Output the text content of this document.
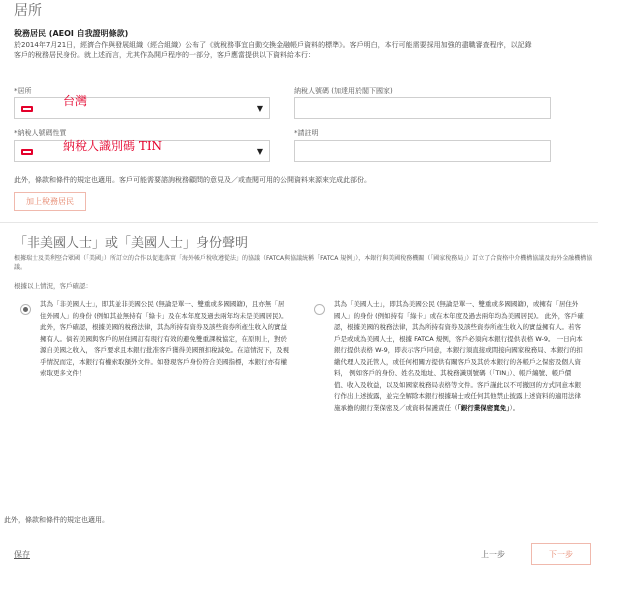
居所
稅務居民 (AEOI 自我證明條款)
於2014年7月21日，經濟合作與發展組織（經合組織）公布了《就稅務事宜自動交換金融帳戶資料的標準》。客戶明白，本行可能需要採用加強的盡職審查程序，以記錄客戶的稅務居民身份。就上述而言，尤其作為開戶程序的一部分，客戶應當提供以下資料給本行：
*居所
台灣
▼
納稅人號碼 (加達用於閣下國家)
*納稅人號碼性質
納稅人識別碼 TIN	▼
*請註明
此外，條款和條件的規定也適用。客戶可能需要諮詢稅務顧問的意見及／或查閱可用的公開資料來源來完成此部份。
加上稅務居民
「非美國人士」或「美國人士」身份聲明
根據瑞士及美利堅合眾國（「美國」）所訂立的合作以促進落實「海外帳戶稅收遵從法」的協議（FATCA與協議統稱「FATCA 規例」），本銀行與美國稅務機關（「國家稅務局」）訂立了合資格中介機構協議及海外金融機構協議。
根據以上情況，客戶確認：
其為「非美國人士」，即其並非美國公民 (無論是單一、雙重或多國國籍)，且亦無「居住外國人」的身份 (例如其並無持有「綠卡」及在本年度及過去兩年均未是美國居民)。 此外，客戶確認，根據美國的稅務法律，其為所持有資券及該些資券所產生收入的實益擁有人。倘若美國與客戶的居住國訂有現行有效的避免雙重課稅協定，在原則上，對於源自美國之收入， 客戶要求且本銀行批准客戶獲得美國預扣稅減免。在這情況下，及視乎情況而定，本銀行有權索取額外文件。如發現客戶身份符合美國指標，本銀行亦有權索取更多文件！
其為「美國人士」，即其為美國公民 (無論是單一、雙重或多國國籍)，或擁有「居住外國人」的身份 (例如持有「綠卡」或在本年度及過去兩年均為美國居民)。 此外，客戶確認，根據美國的稅務法律，其為所持有資券及該些資券所產生收入的實益擁有人。若客戶是或成為美國人士，根據 FATCA 規例，客戶必須向本銀行提供表格 W-9。 一日向本銀行提供表格 W-9，即表示客戶同意，本銀行須直接或間接向國家稅務局、本銀行的扣繳代理人及託管人，或任何相關方提供有關客戶及其於本銀行的各帳戶之保密及個人資料， 例如客戶的身份、姓名及地址、其稅務識別號碼（「TIN」）、帳戶編號、帳戶價值、收入及收益，以及如國家稅務局表格等文件。客戶謹此以不可撤回的方式同意本銀行作出上述披露，並完全解除本銀行根據瑞士或任何其他禁止披露上述資料的適用法律施承擔的銀行業保密及／或資料保護責任（「銀行業保密寬免」）。
此外，條款和條件的規定也適用。
保存	上一步	下一步
